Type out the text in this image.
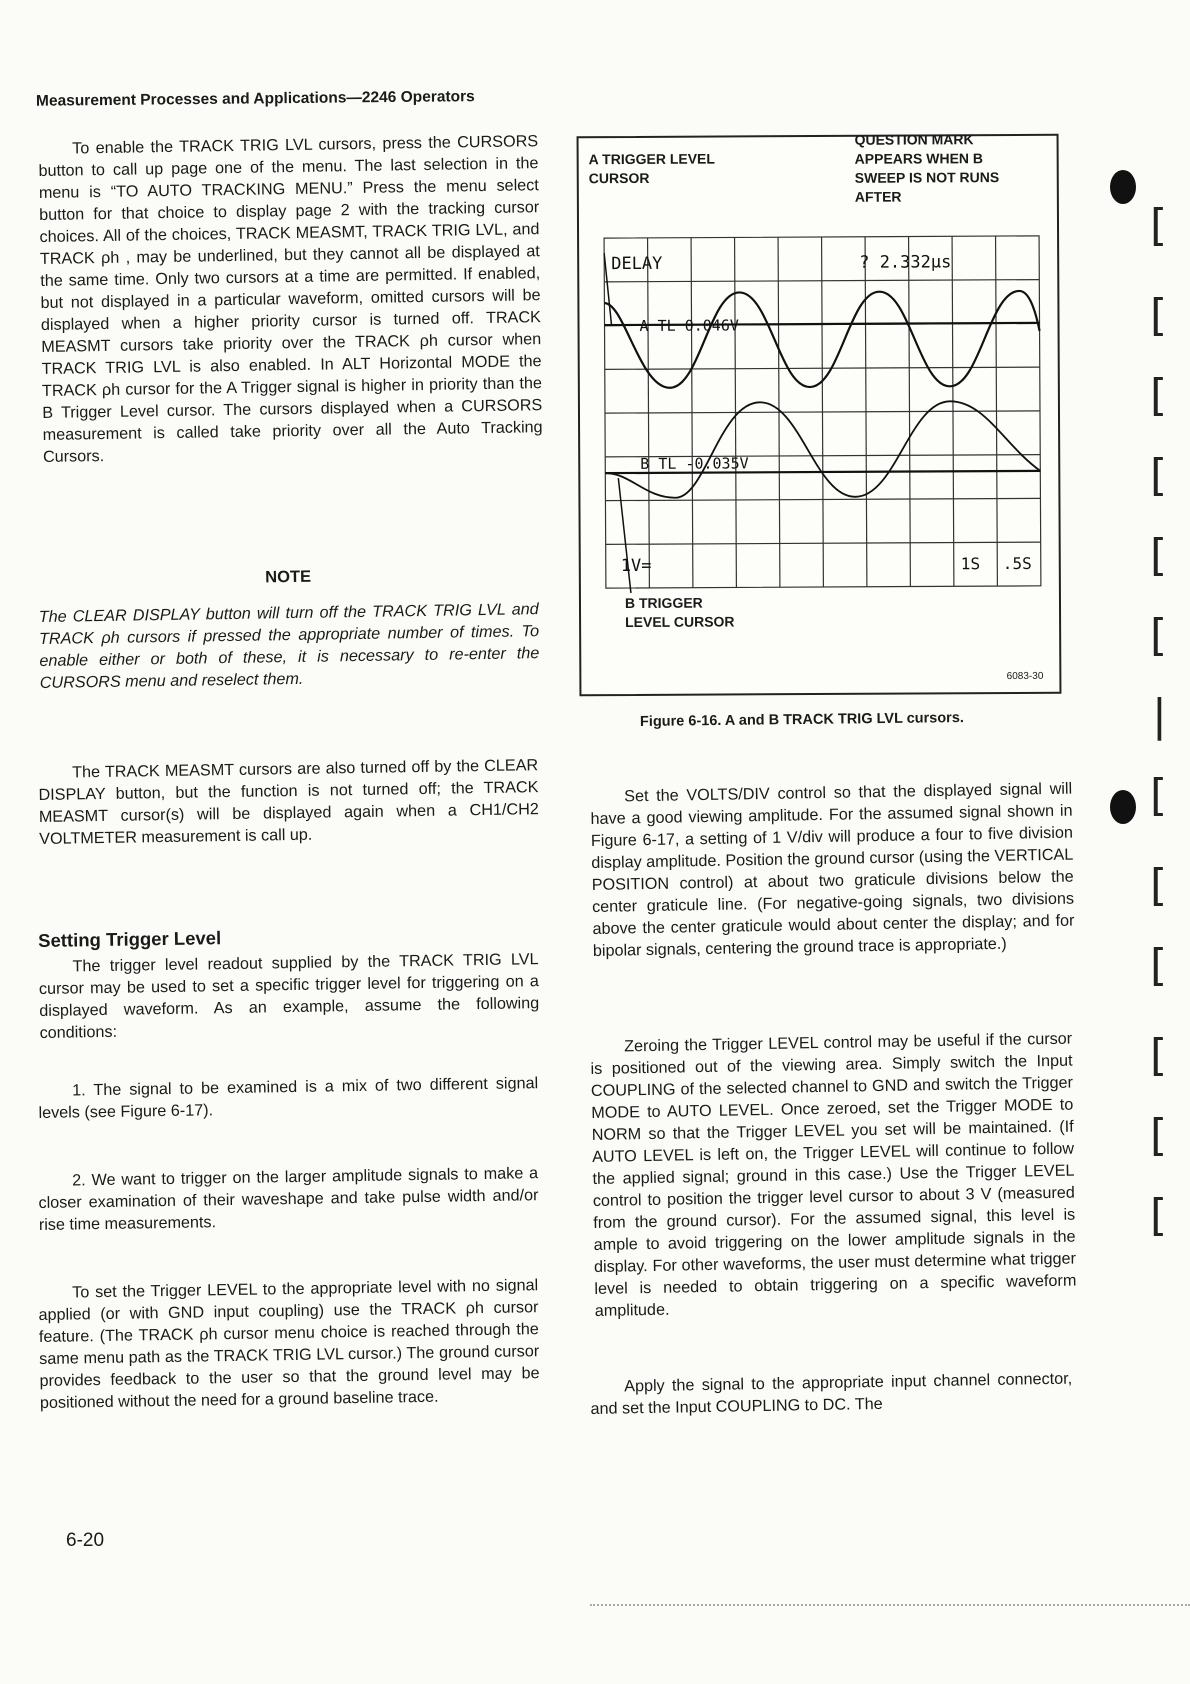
Measurement Processes and Applications—2246 Operators

To enable the TRACK TRIG LVL cursors, press the CURSORS button to call up page one of the menu. The last selection in the menu is “TO AUTO TRACKING MENU.” Press the menu select button for that choice to display page 2 with the tracking cursor choices. All of the choices, TRACK MEASMT, TRACK TRIG LVL, and TRACK ρh , may be underlined, but they cannot all be displayed at the same time. Only two cursors at a time are permitted. If enabled, but not displayed in a particular waveform, omitted cursors will be displayed when a higher priority cursor is turned off. TRACK MEASMT cursors take priority over the TRACK ρh cursor when TRACK TRIG LVL is also enabled. In ALT Horizontal MODE the TRACK ρh cursor for the A Trigger signal is higher in priority than the B Trigger Level cursor. The cursors displayed when a CURSORS measurement is called take priority over all the Auto Tracking Cursors.

NOTE

The CLEAR DISPLAY button will turn off the TRACK TRIG LVL and TRACK ρh cursors if pressed the appropriate number of times. To enable either or both of these, it is necessary to re-enter the CURSORS menu and reselect them.

The TRACK MEASMT cursors are also turned off by the CLEAR DISPLAY button, but the function is not turned off; the TRACK MEASMT cursor(s) will be displayed again when a CH1/CH2 VOLTMETER measurement is call up.

Setting Trigger Level

The trigger level readout supplied by the TRACK TRIG LVL cursor may be used to set a specific trigger level for triggering on a displayed waveform. As an example, assume the following conditions:

1. The signal to be examined is a mix of two different signal levels (see Figure 6-17).

2. We want to trigger on the larger amplitude signals to make a closer examination of their waveshape and take pulse width and/or rise time measurements.

To set the Trigger LEVEL to the appropriate level with no signal applied (or with GND input coupling) use the TRACK ρh cursor feature. (The TRACK ρh cursor menu choice is reached through the same menu path as the TRACK TRIG LVL cursor.) The ground cursor provides feedback to the user so that the ground level may be positioned without the need for a ground baseline trace.

A TRIGGER LEVEL CURSOR
QUESTION MARK APPEARS WHEN B SWEEP IS NOT RUNS AFTER
B TRIGGER LEVEL CURSOR
6083-30
DELAY	? 2.332µs
A TL 0.046V
B TL -0.035V
1V=	1S .5S
Figure 6-16. A and B TRACK TRIG LVL cursors.

Set the VOLTS/DIV control so that the displayed signal will have a good viewing amplitude. For the assumed signal shown in Figure 6-17, a setting of 1 V/div will produce a four to five division display amplitude. Position the ground cursor (using the VERTICAL POSITION control) at about two graticule divisions below the center graticule line. (For negative-going signals, two divisions above the center graticule would about center the display; and for bipolar signals, centering the ground trace is appropriate.)

Zeroing the Trigger LEVEL control may be useful if the cursor is positioned out of the viewing area. Simply switch the Input COUPLING of the selected channel to GND and switch the Trigger MODE to AUTO LEVEL. Once zeroed, set the Trigger MODE to NORM so that the Trigger LEVEL you set will be maintained. (If AUTO LEVEL is left on, the Trigger LEVEL will continue to follow the applied signal; ground in this case.) Use the Trigger LEVEL control to position the trigger level cursor to about 3 V (measured from the ground cursor). For the assumed signal, this level is ample to avoid triggering on the lower amplitude signals in the display. For other waveforms, the user must determine what trigger level is needed to obtain triggering on a specific waveform amplitude.

Apply the signal to the appropriate input channel connector, and set the Input COUPLING to DC. The

6-20
[
[
[
[
[
[
|
[
[
[
[
[
[
